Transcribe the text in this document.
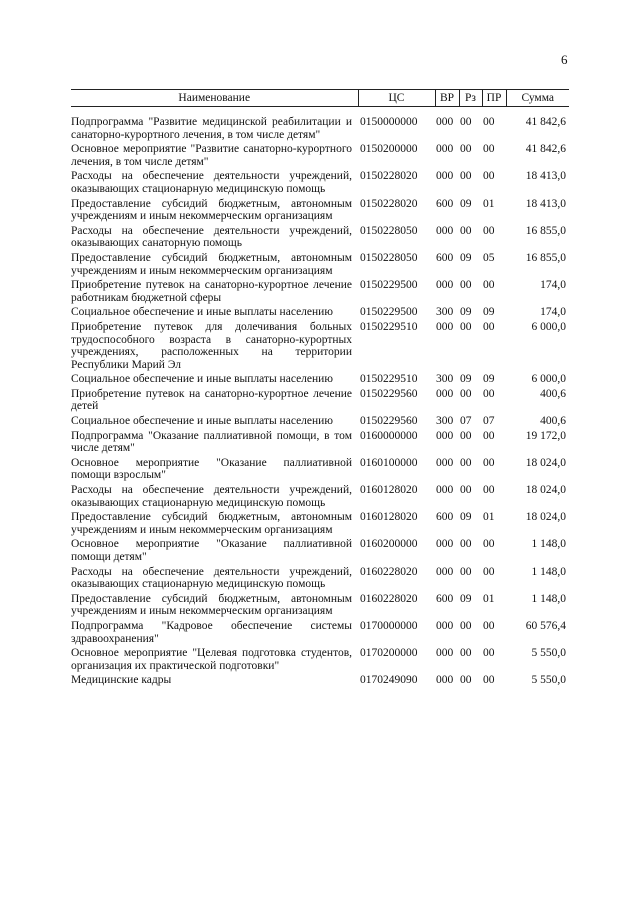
6
Наименование	ЦС	ВР	Рз	ПР	Сумма
Подпрограмма "Развитие медицинской реабилитации и санаторно-курортного лечения, в том числе детям"	0150000000	000	00	00	41 842,6
Основное мероприятие "Развитие санаторно-курортного лечения, в том числе детям"	0150200000	000	00	00	41 842,6
Расходы на обеспечение деятельности учреждений, оказывающих стационарную медицинскую помощь	0150228020	000	00	00	18 413,0
Предоставление субсидий бюджетным, автономным учреждениям и иным некоммерческим организациям	0150228020	600	09	01	18 413,0
Расходы на обеспечение деятельности учреждений, оказывающих санаторную помощь	0150228050	000	00	00	16 855,0
Предоставление субсидий бюджетным, автономным учреждениям и иным некоммерческим организациям	0150228050	600	09	05	16 855,0
Приобретение путевок на санаторно-курортное лечение работникам бюджетной сферы	0150229500	000	00	00	174,0
Социальное обеспечение и иные выплаты населению	0150229500	300	09	09	174,0
Приобретение путевок для долечивания больных трудоспособного возраста в санаторно-курортных учреждениях, расположенных на территории Республики Марий Эл	0150229510	000	00	00	6 000,0
Социальное обеспечение и иные выплаты населению	0150229510	300	09	09	6 000,0
Приобретение путевок на санаторно-курортное лечение детей	0150229560	000	00	00	400,6
Социальное обеспечение и иные выплаты населению	0150229560	300	07	07	400,6
Подпрограмма "Оказание паллиативной помощи, в том числе детям"	0160000000	000	00	00	19 172,0
Основное мероприятие "Оказание паллиативной помощи взрослым"	0160100000	000	00	00	18 024,0
Расходы на обеспечение деятельности учреждений, оказывающих стационарную медицинскую помощь	0160128020	000	00	00	18 024,0
Предоставление субсидий бюджетным, автономным учреждениям и иным некоммерческим организациям	0160128020	600	09	01	18 024,0
Основное мероприятие "Оказание паллиативной помощи детям"	0160200000	000	00	00	1 148,0
Расходы на обеспечение деятельности учреждений, оказывающих стационарную медицинскую помощь	0160228020	000	00	00	1 148,0
Предоставление субсидий бюджетным, автономным учреждениям и иным некоммерческим организациям	0160228020	600	09	01	1 148,0
Подпрограмма "Кадровое обеспечение системы здравоохранения"	0170000000	000	00	00	60 576,4
Основное мероприятие "Целевая подготовка студентов, организация их практической подготовки"	0170200000	000	00	00	5 550,0
Медицинские кадры	0170249090	000	00	00	5 550,0
